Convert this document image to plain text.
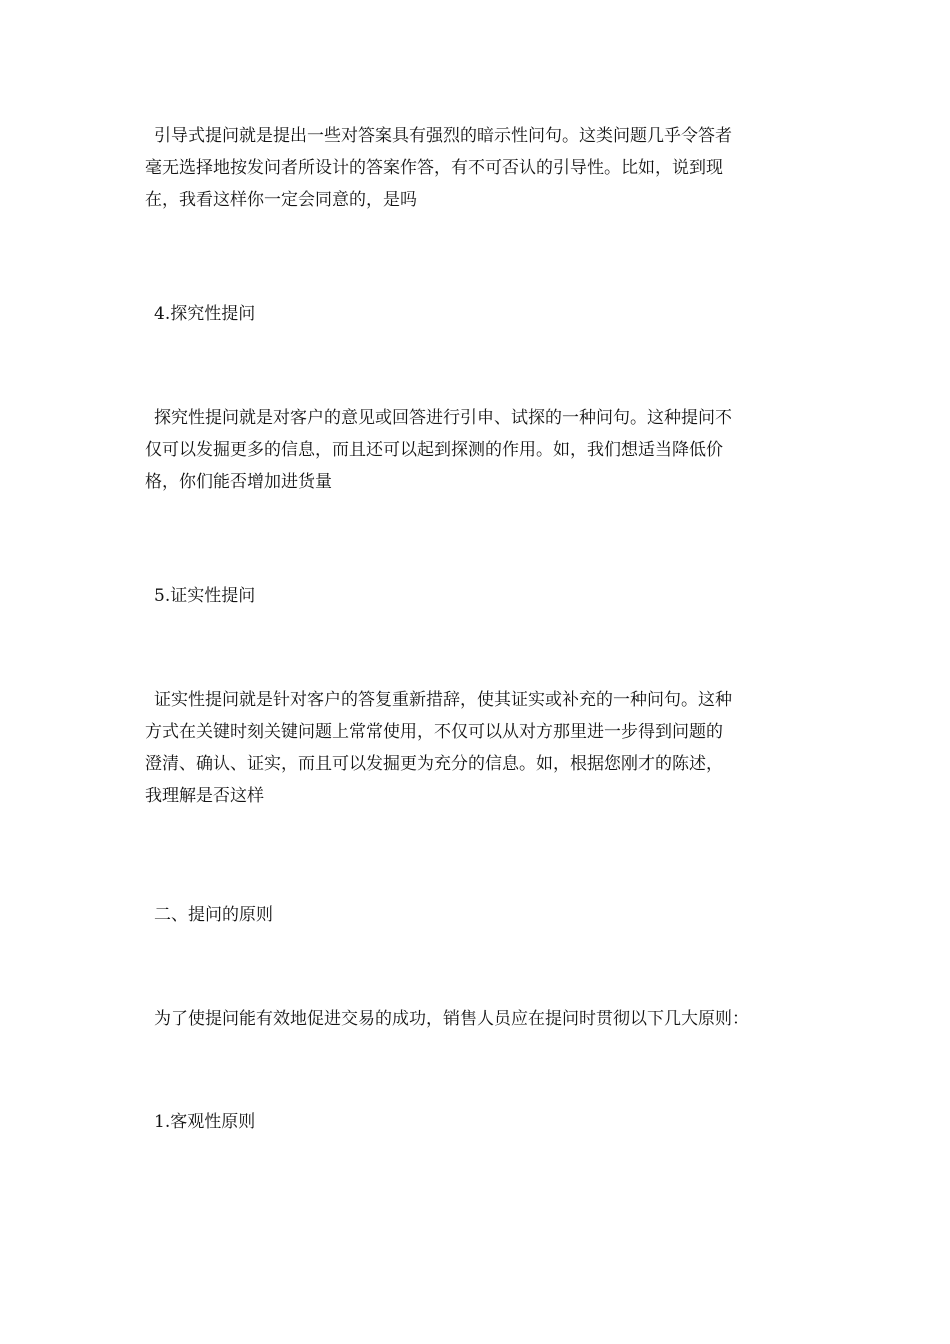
引导式提问就是提出一些对答案具有强烈的暗示性问句。这类问题几乎令答者
毫无选择地按发问者所设计的答案作答，有不可否认的引导性。比如，说到现
在，我看这样你一定会同意的，是吗
4.探究性提问
探究性提问就是对客户的意见或回答进行引申、试探的一种问句。这种提问不
仅可以发掘更多的信息，而且还可以起到探测的作用。如，我们想适当降低价
格，你们能否增加进货量
5.证实性提问
证实性提问就是针对客户的答复重新措辞，使其证实或补充的一种问句。这种
方式在关键时刻关键问题上常常使用，不仅可以从对方那里进一步得到问题的
澄清、确认、证实，而且可以发掘更为充分的信息。如，根据您刚才的陈述，
我理解是否这样
二、提问的原则
为了使提问能有效地促进交易的成功，销售人员应在提问时贯彻以下几大原则：
1.客观性原则
